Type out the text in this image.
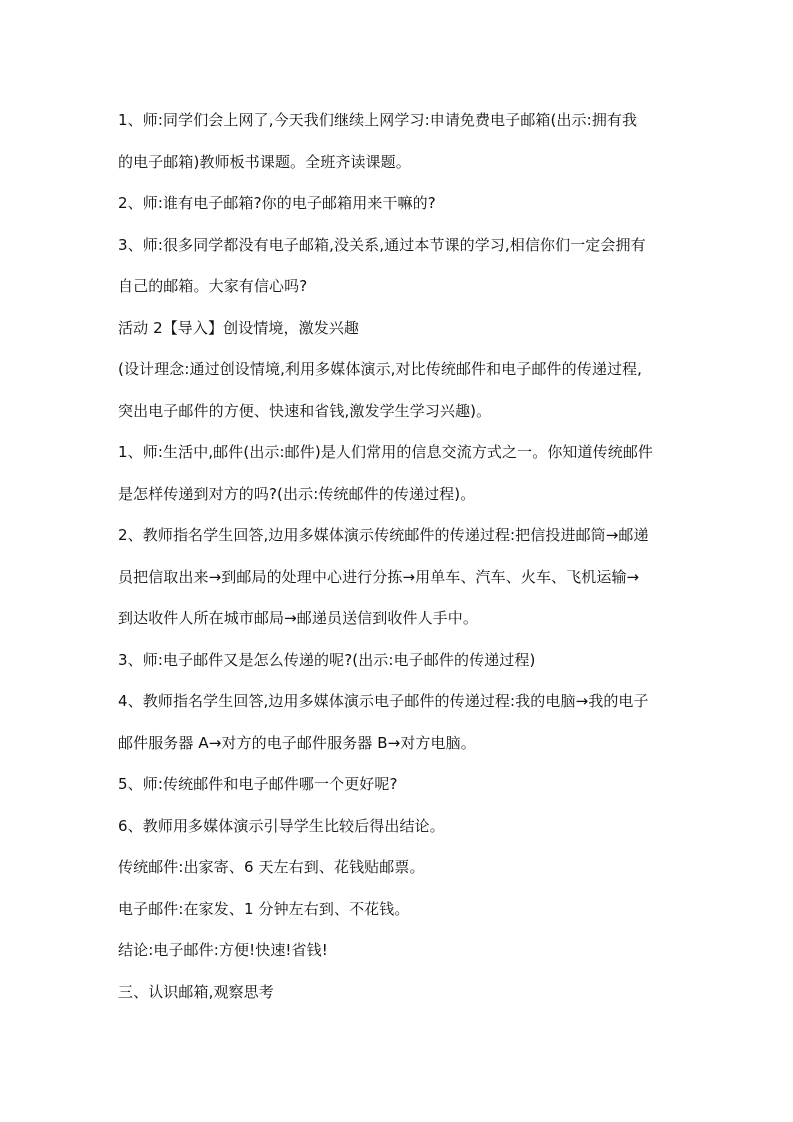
1、师:同学们会上网了,今天我们继续上网学习:申请免费电子邮箱(出示:拥有我
的电子邮箱)教师板书课题。全班齐读课题。
2、师:谁有电子邮箱?你的电子邮箱用来干嘛的?
3、师:很多同学都没有电子邮箱,没关系,通过本节课的学习,相信你们一定会拥有
自己的邮箱。大家有信心吗?
活动 2【导入】创设情境，激发兴趣
(设计理念:通过创设情境,利用多媒体演示,对比传统邮件和电子邮件的传递过程,
突出电子邮件的方便、快速和省钱,激发学生学习兴趣)。
1、师:生活中,邮件(出示:邮件)是人们常用的信息交流方式之一。你知道传统邮件
是怎样传递到对方的吗?(出示:传统邮件的传递过程)。
2、教师指名学生回答,边用多媒体演示传统邮件的传递过程:把信投进邮筒→邮递
员把信取出来→到邮局的处理中心进行分拣→用单车、汽车、火车、飞机运输→
到达收件人所在城市邮局→邮递员送信到收件人手中。
3、师:电子邮件又是怎么传递的呢?(出示:电子邮件的传递过程)
4、教师指名学生回答,边用多媒体演示电子邮件的传递过程:我的电脑→我的电子
邮件服务器 A→对方的电子邮件服务器 B→对方电脑。
5、师:传统邮件和电子邮件哪一个更好呢?
6、教师用多媒体演示引导学生比较后得出结论。
传统邮件:出家寄、6 天左右到、花钱贴邮票。
电子邮件:在家发、1 分钟左右到、不花钱。
结论:电子邮件:方便!快速!省钱!
三、认识邮箱,观察思考
